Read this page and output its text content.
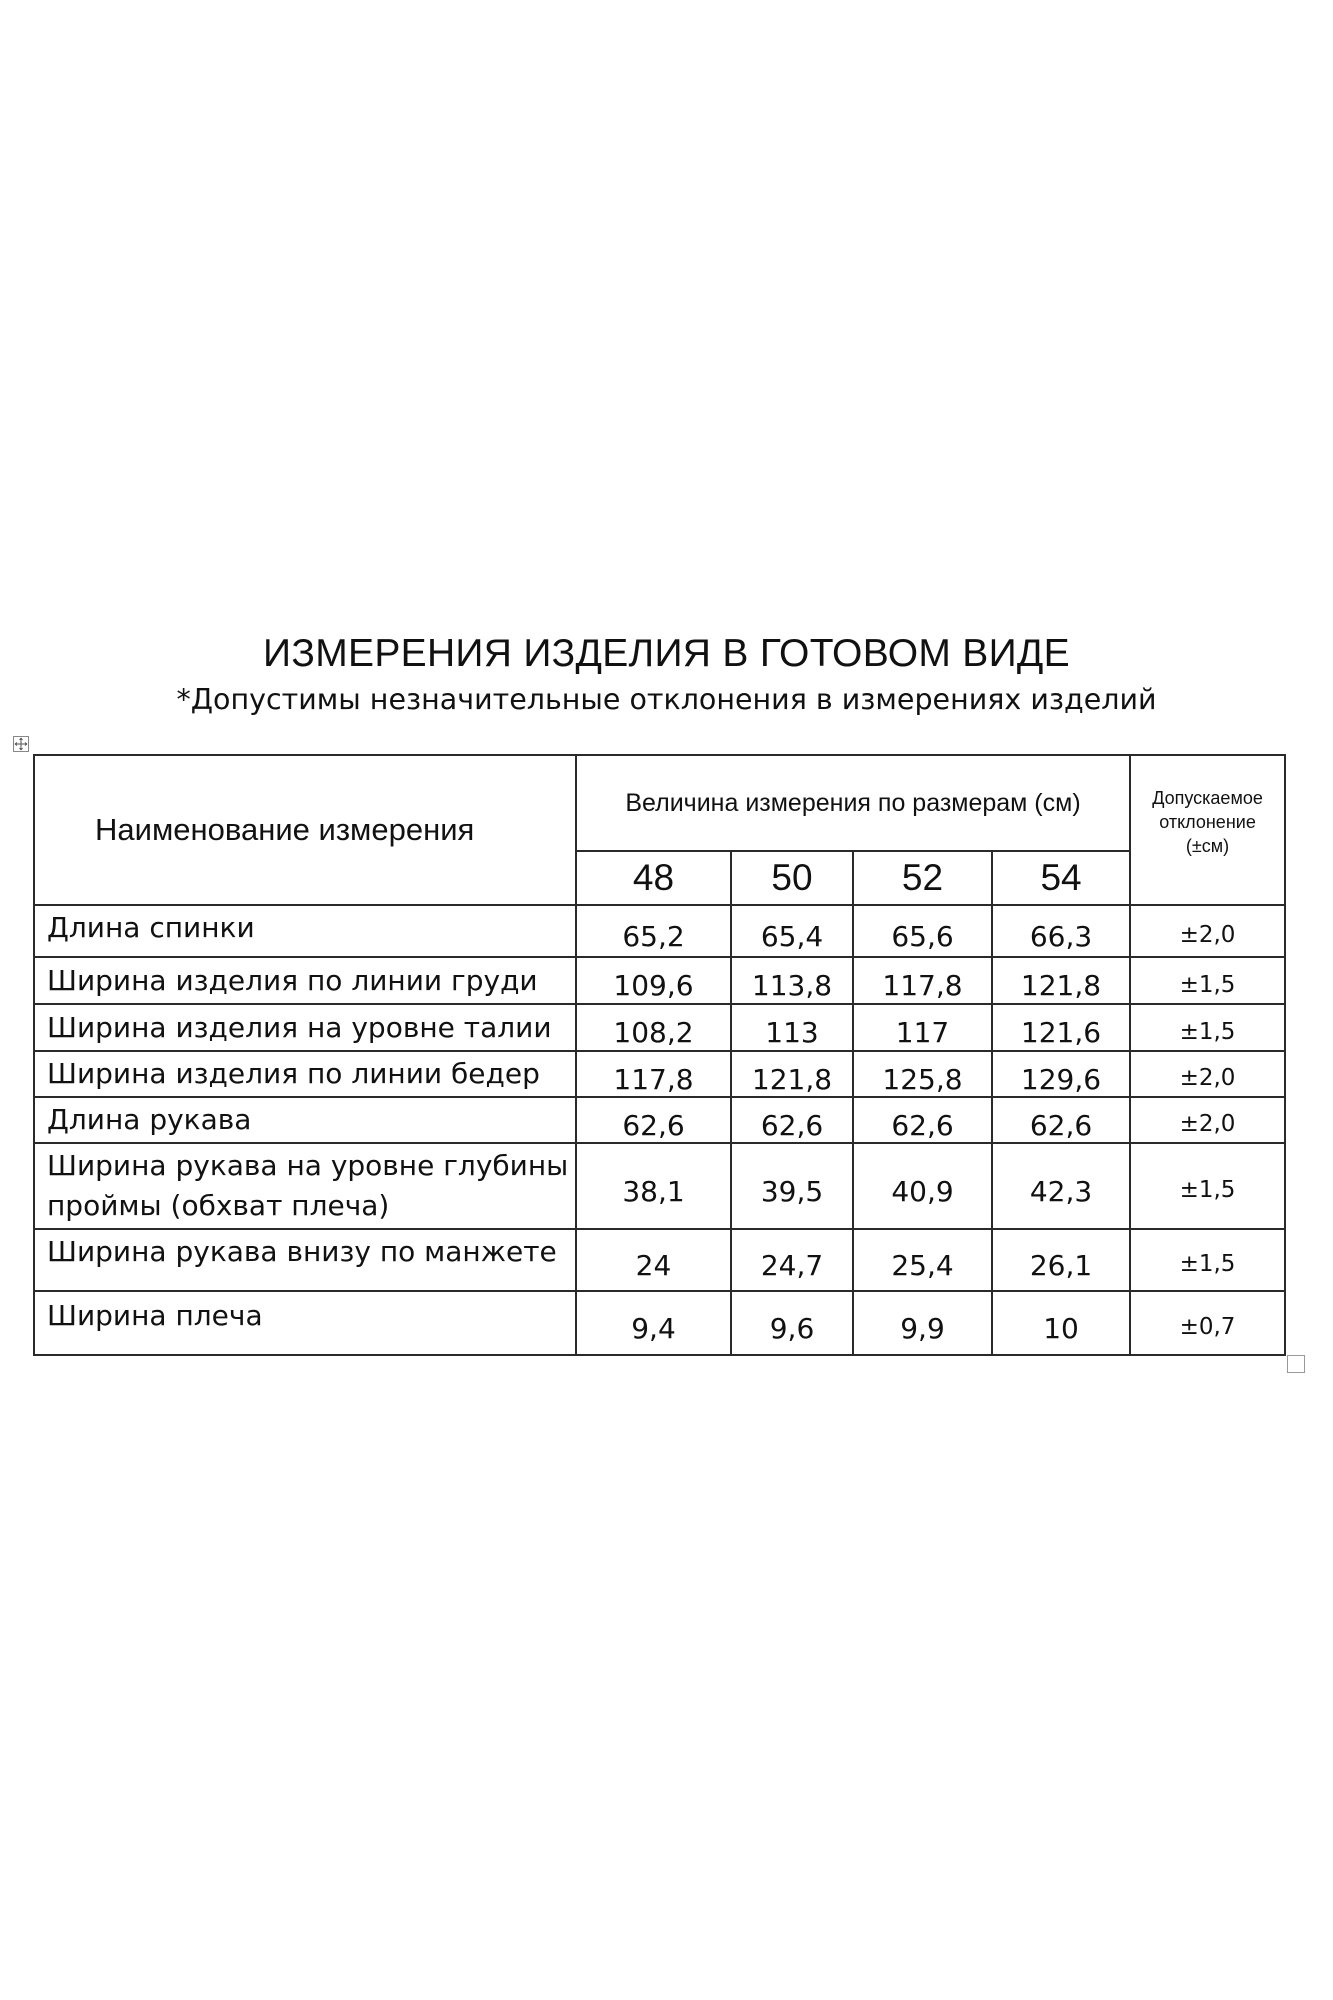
ИЗМЕРЕНИЯ ИЗДЕЛИЯ В ГОТОВОМ ВИДЕ
*Допустимы незначительные отклонения в измерениях изделий
Наименование измерения	Величина измерения по размерам (см)				Допускаемое
отклонение
(±см)

	48	50	52	54	
Длина спинки	65,2	65,4	65,6	66,3	±2,0
Ширина изделия по линии груди	109,6	113,8	117,8	121,8	±1,5
Ширина изделия на уровне талии	108,2	113	117	121,6	±1,5
Ширина изделия по линии бедер	117,8	121,8	125,8	129,6	±2,0
Длина рукава	62,6	62,6	62,6	62,6	±2,0
Ширина рукава на уровне глубины проймы (обхват плеча)	38,1	39,5	40,9	42,3	±1,5
Ширина рукава внизу по манжете	24	24,7	25,4	26,1	±1,5
Ширина плеча	9,4	9,6	9,9	10	±0,7
